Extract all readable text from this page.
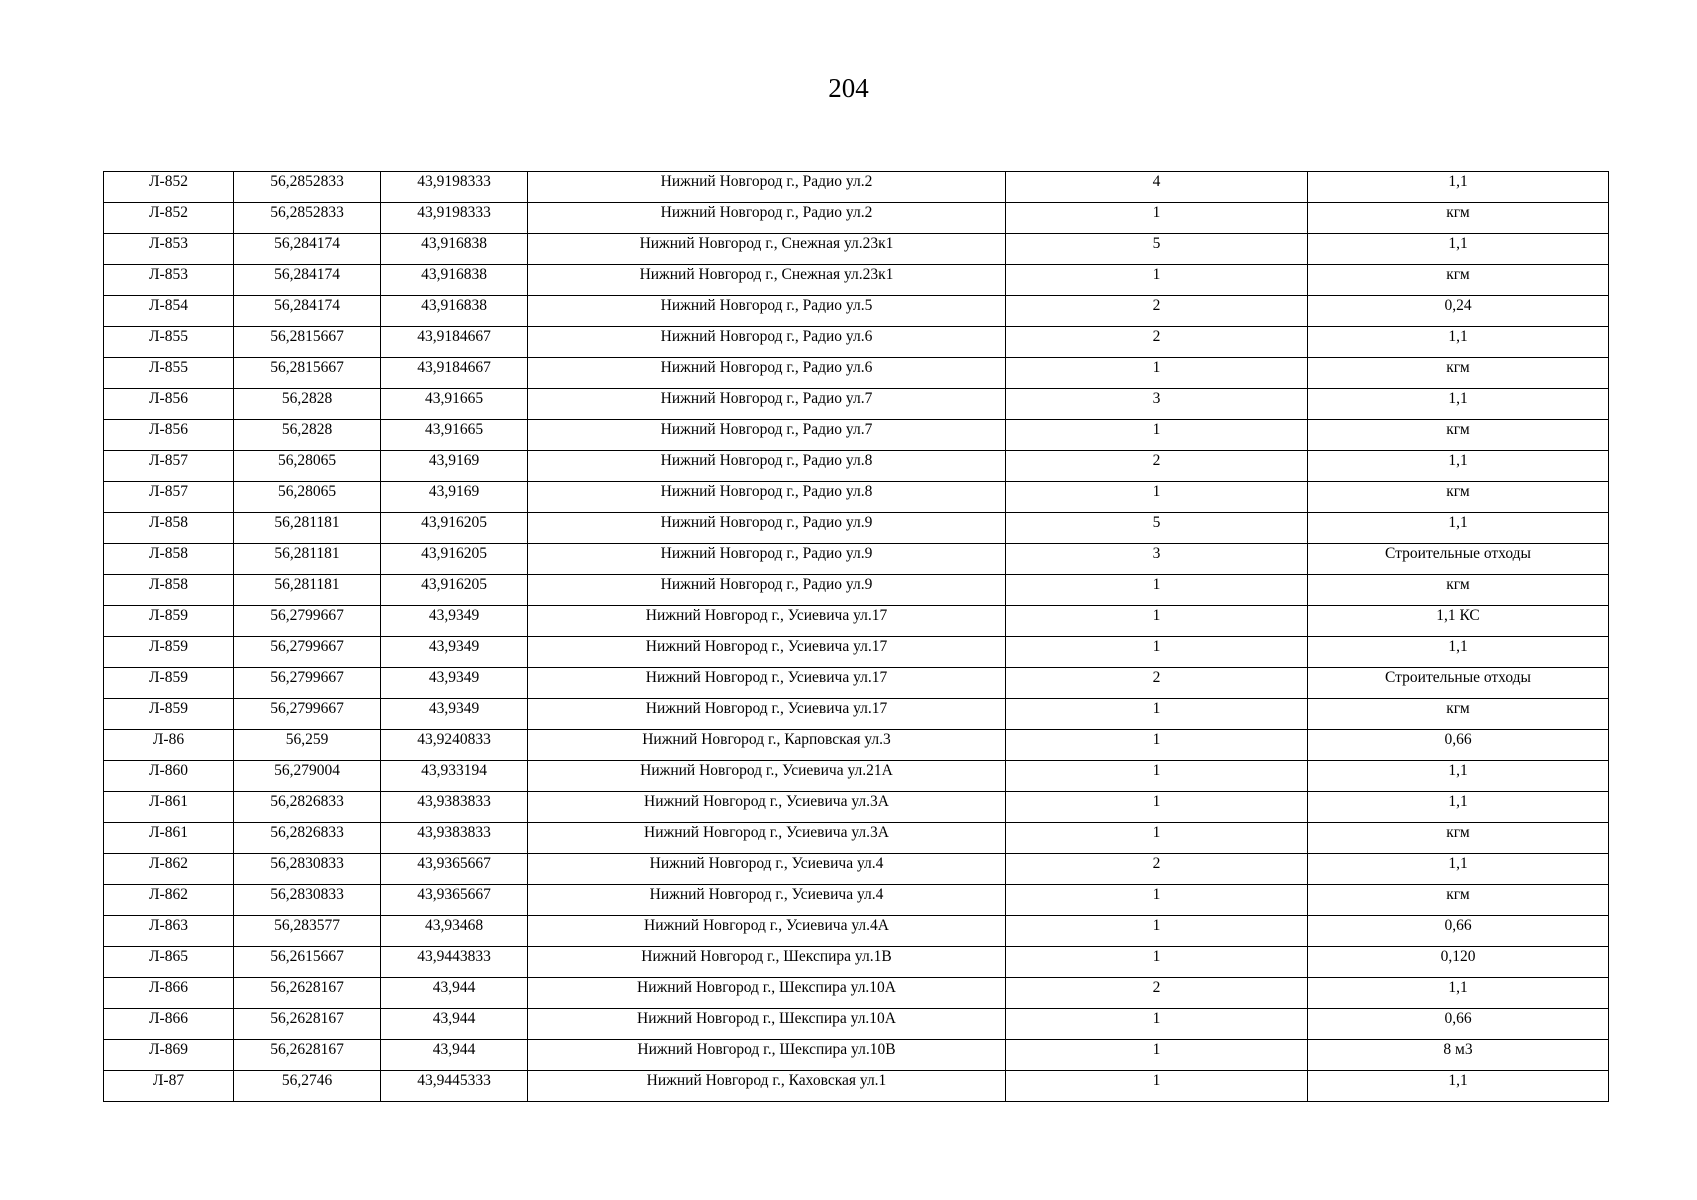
204
Л-852	56,2852833	43,9198333	Нижний Новгород г., Радио ул.2	4	1,1
Л-852	56,2852833	43,9198333	Нижний Новгород г., Радио ул.2	1	кгм
Л-853	56,284174	43,916838	Нижний Новгород г., Снежная ул.23к1	5	1,1
Л-853	56,284174	43,916838	Нижний Новгород г., Снежная ул.23к1	1	кгм
Л-854	56,284174	43,916838	Нижний Новгород г., Радио ул.5	2	0,24
Л-855	56,2815667	43,9184667	Нижний Новгород г., Радио ул.6	2	1,1
Л-855	56,2815667	43,9184667	Нижний Новгород г., Радио ул.6	1	кгм
Л-856	56,2828	43,91665	Нижний Новгород г., Радио ул.7	3	1,1
Л-856	56,2828	43,91665	Нижний Новгород г., Радио ул.7	1	кгм
Л-857	56,28065	43,9169	Нижний Новгород г., Радио ул.8	2	1,1
Л-857	56,28065	43,9169	Нижний Новгород г., Радио ул.8	1	кгм
Л-858	56,281181	43,916205	Нижний Новгород г., Радио ул.9	5	1,1
Л-858	56,281181	43,916205	Нижний Новгород г., Радио ул.9	3	Строительные отходы
Л-858	56,281181	43,916205	Нижний Новгород г., Радио ул.9	1	кгм
Л-859	56,2799667	43,9349	Нижний Новгород г., Усиевича ул.17	1	1,1 КС
Л-859	56,2799667	43,9349	Нижний Новгород г., Усиевича ул.17	1	1,1
Л-859	56,2799667	43,9349	Нижний Новгород г., Усиевича ул.17	2	Строительные отходы
Л-859	56,2799667	43,9349	Нижний Новгород г., Усиевича ул.17	1	кгм
Л-86	56,259	43,9240833	Нижний Новгород г., Карповская ул.3	1	0,66
Л-860	56,279004	43,933194	Нижний Новгород г., Усиевича ул.21А	1	1,1
Л-861	56,2826833	43,9383833	Нижний Новгород г., Усиевича ул.3А	1	1,1
Л-861	56,2826833	43,9383833	Нижний Новгород г., Усиевича ул.3А	1	кгм
Л-862	56,2830833	43,9365667	Нижний Новгород г., Усиевича ул.4	2	1,1
Л-862	56,2830833	43,9365667	Нижний Новгород г., Усиевича ул.4	1	кгм
Л-863	56,283577	43,93468	Нижний Новгород г., Усиевича ул.4А	1	0,66
Л-865	56,2615667	43,9443833	Нижний Новгород г., Шекспира ул.1В	1	0,120
Л-866	56,2628167	43,944	Нижний Новгород г., Шекспира ул.10А	2	1,1
Л-866	56,2628167	43,944	Нижний Новгород г., Шекспира ул.10А	1	0,66
Л-869	56,2628167	43,944	Нижний Новгород г., Шекспира ул.10В	1	8 м3
Л-87	56,2746	43,9445333	Нижний Новгород г., Каховская ул.1	1	1,1
